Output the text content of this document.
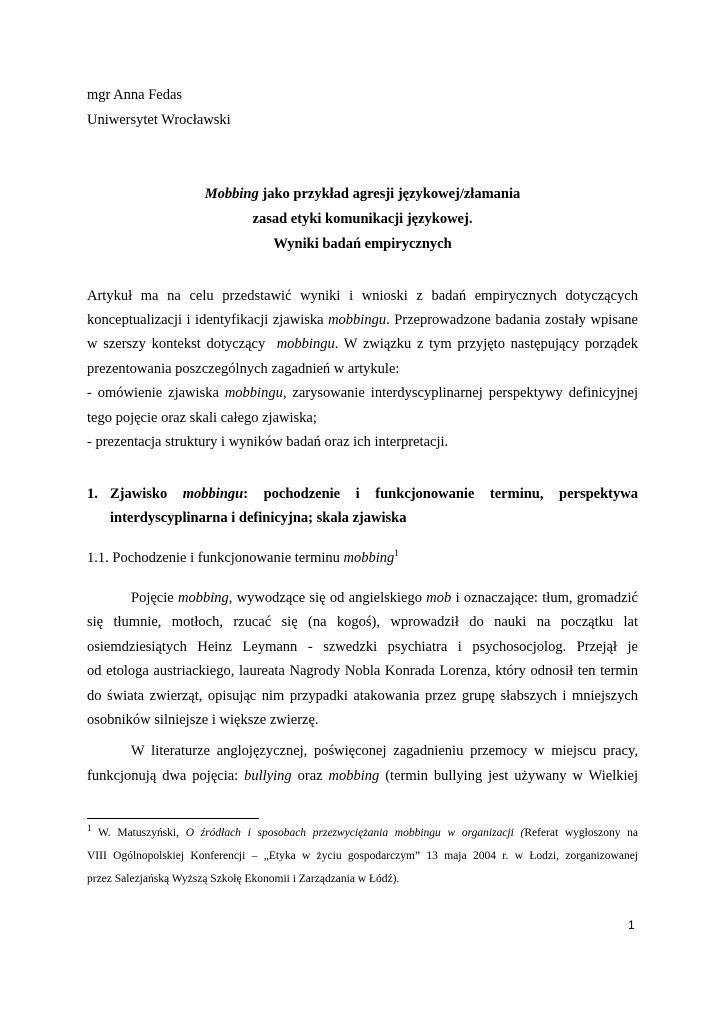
mgr Anna Fedas
Uniwersytet Wrocławski
Mobbing jako przykład agresji językowej/złamania
zasad etyki komunikacji językowej.
Wyniki badań empirycznych
Artykuł ma na celu przedstawić wyniki i wnioski z badań empirycznych dotyczących
konceptualizacji i identyfikacji zjawiska mobbingu. Przeprowadzone badania zostały wpisane
w szerszy kontekst dotyczący  mobbingu. W związku z tym przyjęto następujący porządek
prezentowania poszczególnych zagadnień w artykule:
- omówienie zjawiska mobbingu, zarysowanie interdyscyplinarnej perspektywy definicyjnej
tego pojęcie oraz skali całego zjawiska;
- prezentacja struktury i wyników badań oraz ich interpretacji.
1. Zjawisko mobbingu: pochodzenie i funkcjonowanie terminu, perspektywa
interdyscyplinarna i definicyjna; skala zjawiska
1.1. Pochodzenie i funkcjonowanie terminu mobbing$^1$
Pojęcie mobbing, wywodzące się od angielskiego mob i oznaczające: tłum, gromadzić
się tłumnie, motłoch, rzucać się (na kogoś), wprowadził do nauki na początku lat
osiemdziesiątych Heinz Leymann - szwedzki psychiatra i psychosocjolog. Przejął je
od etologa austriackiego, laureata Nagrody Nobla Konrada Lorenza, który odnosił ten termin
do świata zwierząt, opisując nim przypadki atakowania przez grupę słabszych i mniejszych
osobników silniejsze i większe zwierzę.
W literaturze anglojęzycznej, poświęconej zagadnieniu przemocy w miejscu pracy,
funkcjonują dwa pojęcia: bullying oraz mobbing (termin bullying jest używany w Wielkiej
$^1$ W. Matuszyński, O źródłach i sposobach przezwyciężania mobbingu w organizacji (Referat wygłoszony na
VIII Ogólnopolskiej Konferencji – „Etyka w życiu gospodarczym” 13 maja 2004 r. w Łodzi, zorganizowanej
przez Salezjańską Wyższą Szkołę Ekonomii i Zarządzania w Łódź).
1
